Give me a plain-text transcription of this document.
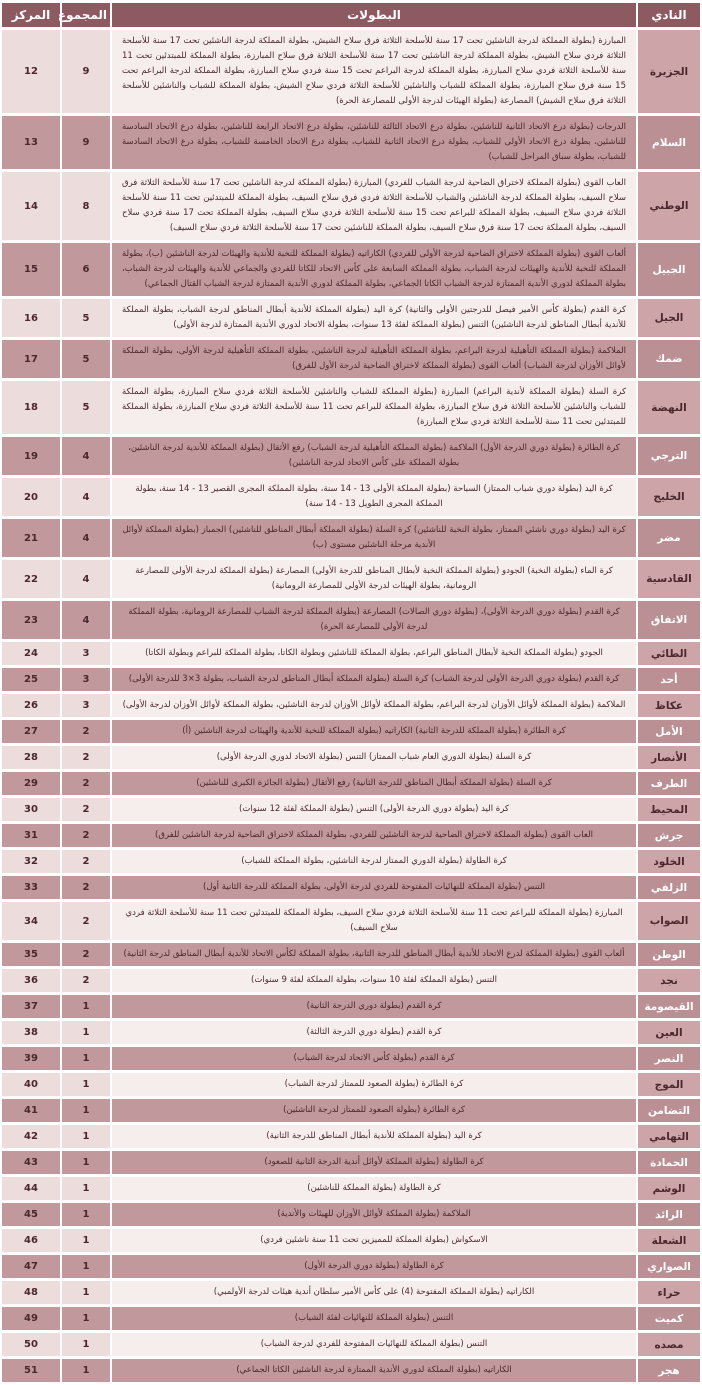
النادي	البطولات	المجموع	المركز
الجزيرة	المبارزة (بطولة المملكة لدرجة الناشئين تحت 17 سنة للأسلحة الثلاثة فرق سلاح الشيش، بطولة المملكة لدرجة الناشئين تحت 17 سنة للأسلحة الثلاثة فردي سلاح الشيش، بطولة المملكة لدرجة الناشئين تحت 17 سنة للأسلحة الثلاثة فرق سلاح المبارزة، بطولة المملكة للمبتدئين تحت 11 سنة للأسلحة الثلاثة فردي سلاح المبارزة، بطولة المملكة لدرجة البراعم تحت 15 سنة فردي سلاح المبارزة، بطولة المملكة لدرجة البراعم تحت 15 سنة فرق سلاح المبارزة، بطولة المملكة للشباب والناشئين للأسلحة الثلاثة فردي سلاح الشيش، بطولة المملكة للشباب والناشئين للأسلحة الثلاثة فرق سلاح الشيش) المصارعة (بطولة الهيئات لدرجة الأولى للمصارعة الحرة)	9	12
السلام	الدرجات (بطولة درع الاتحاد الثانية للناشئين، بطولة درع الاتحاد الثالثة للناشئين، بطولة درع الاتحاد الرابعة للناشئين، بطولة درع الاتحاد السادسة للناشئين، بطولة درع الاتحاد الأولى للشباب، بطولة درع الاتحاد الثانية للشباب، بطولة درع الاتحاد الخامسة للشباب، بطولة درع الاتحاد السادسة للشباب، بطولة سباق المراحل للشباب)	9	13
الوطني	العاب القوى (بطولة المملكة لاختراق الضاحية لدرجة الشباب للفردي) المبارزة (بطولة المملكة لدرجة الناشئين تحت 17 سنة للأسلحة الثلاثة فرق سلاح السيف، بطولة المملكة لدرجة الناشئين والشباب للأسلحة الثلاثة فردي فرق سلاح السيف، بطولة المملكة للمبتدئين تحت 11 سنة للأسلحة الثلاثة فردي سلاح السيف، بطولة المملكة للبراعم تحت 15 سنة للأسلحة الثلاثة فردي سلاح السيف، بطولة المملكة تحت 17 سنة فردي سلاح السيف، بطولة المملكة تحت 17 سنة فرق سلاح السيف، بطولة المملكة للناشئين تحت 17 سنة للأسلحة الثلاثة فردي سلاح السيف)	8	14
الجبيل	ألعاب القوى (بطولة المملكة لاختراق الضاحية لدرجة الأولى للفردي) الكاراتيه (بطولة المملكة للنخبة للأندية والهيئات لدرجة الناشئين (ب)، بطولة المملكة للنخبة للأندية والهيئات لدرجة الشباب، بطولة المملكة السابعة على كأس الاتحاد للكاتا للفردي والجماعي للأندية والهيئات لدرجة الشباب، بطولة المملكة لدوري الأندية الممتازة لدرجة الشباب الكاتا الجماعي، بطولة المملكة لدوري الأندية الممتازة لدرجة الشباب القتال الجماعي)	6	15
الجيل	كرة القدم (بطولة كأس الأمير فيصل للدرجتين الأولى والثانية) كرة اليد (بطولة المملكة للأندية أبطال المناطق لدرجة الشباب، بطولة المملكة للأندية أبطال المناطق لدرجة الناشئين) التنس (بطولة المملكة لفئة 13 سنوات، بطولة الاتحاد لدوري الأندية الممتازة لدرجة الأولى)	5	16
ضمك	الملاكمة (بطولة المملكة التأهيلية لدرجة البراعم، بطولة المملكة التأهيلية لدرجة الناشئين، بطولة المملكة التأهيلية لدرجة الأولى، بطولة المملكة لأوائل الأوزان لدرجة الشباب) ألعاب القوى (بطولة المملكة لاختراق الضاحية لدرجة الأول للفرق)	5	17
النهضة	كرة السلة (بطولة المملكة لأندية البراعم) المبارزة (بطولة المملكة للشباب والناشئين للأسلحة الثلاثة فردي سلاح المبارزة، بطولة المملكة للشباب والناشئين للأسلحة الثلاثة فرق سلاح المبارزة، بطولة المملكة للبراعم تحت 11 سنة للأسلحة الثلاثة فردي سلاح المبارزة، بطولة المملكة للمبتدئين تحت 11 سنة للأسلحة الثلاثة فردي سلاح المبارزة)	5	18
الترجي	كرة الطائرة (بطولة دوري الدرجة الأول) الملاكمة (بطولة المملكة التأهيلية لدرجة الشباب) رفع الأثقال (بطولة المملكة للأندية لدرجة الناشئين، بطولة المملكة على كأس الاتحاد لدرجة الناشئين)	4	19
الخليج	كرة اليد (بطولة دوري شباب الممتاز) السباحة (بطولة المملكة الأولى 13 - 14 سنة، بطولة المملكة المجرى القصير 13 - 14 سنة، بطولة المملكة المجرى الطويل 13 - 14 سنة)	4	20
مضر	كرة اليد (بطولة دوري ناشئي الممتاز، بطولة النخبة للناشئين) كرة السلة (بطولة المملكة أبطال المناطق للناشئين) الجمباز (بطولة المملكة لأوائل الأندية مرحلة الناشئين مستوى (ب)	4	21
القادسية	كرة الماء (بطولة النخبة) الجودو (بطولة المملكة النخبة لأبطال المناطق للدرجة الأولى) المصارعة (بطولة المملكة لدرجة الأولى للمصارعة الرومانية، بطولة الهيئات لدرجة الأولى للمصارعة الرومانية)	4	22
الاتفاق	كرة القدم (بطولة دوري الدرجة الأولى)، (بطولة دوري الصالات) المصارعة (بطولة المملكة لدرجة الشباب للمصارعة الرومانية، بطولة المملكة لدرجة الأولى للمصارعة الحرة)	4	23
الطائي	الجودو (بطولة المملكة النخبة لأبطال المناطق البراعم، بطولة المملكة للناشئين وبطولة الكاتا، بطولة المملكة للبراعم وبطولة الكاتا)	3	24
أحد	كرة القدم (بطولة دوري الدرجة الأولى لدرجة الشباب) كرة السلة (بطولة المملكة أبطال المناطق لدرجة الشباب، بطولة 3×3 للدرجة الأولى)	3	25
عكاظ	الملاكمة (بطولة المملكة لأوائل الأوزان لدرجة البراعم، بطولة المملكة لأوائل الأوزان لدرجة الناشئين، بطولة المملكة لأوائل الأوزان لدرجة الأولى)	3	26
الأمل	كرة الطائرة (بطولة المملكة للدرجة الثانية) الكاراتيه (بطولة المملكة للنخبة للأندية والهيئات لدرجة الناشئين (أ)	2	27
الأنصار	كرة السلة (بطولة الدوري العام شباب الممتاز) التنس (بطولة الاتحاد لدوري الدرجة الأولى)	2	28
الطرف	كرة السلة (بطولة المملكة أبطال المناطق للدرجة الثانية) رفع الأثقال (بطولة الجائزة الكبرى للناشئين)	2	29
المحيط	كرة اليد (بطولة دوري الدرجة الأولى) التنس (بطولة المملكة لفئة 12 سنوات)	2	30
جرش	العاب القوى (بطولة المملكة لاختراق الضاحية لدرجة الناشئين للفردي، بطولة المملكة لاختراق الضاحية لدرجة الناشئين للفرق)	2	31
الخلود	كرة الطاولة (بطولة الدوري الممتاز لدرجة الناشئين، بطولة المملكة للشباب)	2	32
الزلفي	التنس (بطولة المملكة للنهائيات المفتوحة للفردي لدرجة الأولى، بطولة المملكة للدرجة الثانية أول)	2	33
الصواب	المبارزة (بطولة المملكة للبراعم تحت 11 سنة للأسلحة الثلاثة فردي سلاح السيف، بطولة المملكة للمبتدئين تحت 11 سنة للأسلحة الثلاثة فردي سلاح السيف)	2	34
الوطن	ألعاب القوى (بطولة المملكة لدرع الاتحاد للأندية أبطال المناطق للدرجة الثانية، بطولة المملكة لكأس الاتحاد للأندية أبطال المناطق لدرجة الثانية)	2	35
نجد	التنس (بطولة المملكة لفئة 10 سنوات، بطولة المملكة لفئة 9 سنوات)	2	36
القيصومة	كرة القدم (بطولة دوري الدرجة الثانية)	1	37
العين	كرة القدم (بطولة دوري الدرجة الثالثة)	1	38
النصر	كرة القدم (بطولة كأس الاتحاد لدرجة الشباب)	1	39
الموج	كرة الطائرة (بطولة الصعود للممتاز لدرجة الشباب)	1	40
التضامن	كرة الطائرة (بطولة الصعود للممتاز لدرجة الناشئين)	1	41
التهامي	كرة اليد (بطولة المملكة للأندية أبطال المناطق للدرجة الثانية)	1	42
الحمادة	كرة الطاولة (بطولة المملكة لأوائل أندية الدرجة الثانية للصعود)	1	43
الوشم	كرة الطاولة (بطولة المملكة للناشئين)	1	44
الرائد	الملاكمة (بطولة المملكة لأوائل الأوزان للهيئات والأندية)	1	45
الشعلة	الاسكواش (بطولة المملكة للمميزين تحت 11 سنة ناشئين فردي)	1	46
الصواري	كرة الطاولة (بطولة دوري الدرجة الأول)	1	47
حراء	الكاراتيه (بطولة المملكة المفتوحة (4) على كأس الأمير سلطان أندية هيئات لدرجة الأولمبي)	1	48
كميت	التنس (بطولة المملكة للنهائيات لفئة الشباب)	1	49
مصده	التنس (بطولة المملكة للنهائيات المفتوحة للفردي لدرجة الشباب)	1	50
هجر	الكاراتيه (بطولة المملكة لدوري الأندية الممتازة لدرجة الناشئين الكاتا الجماعي)	1	51
